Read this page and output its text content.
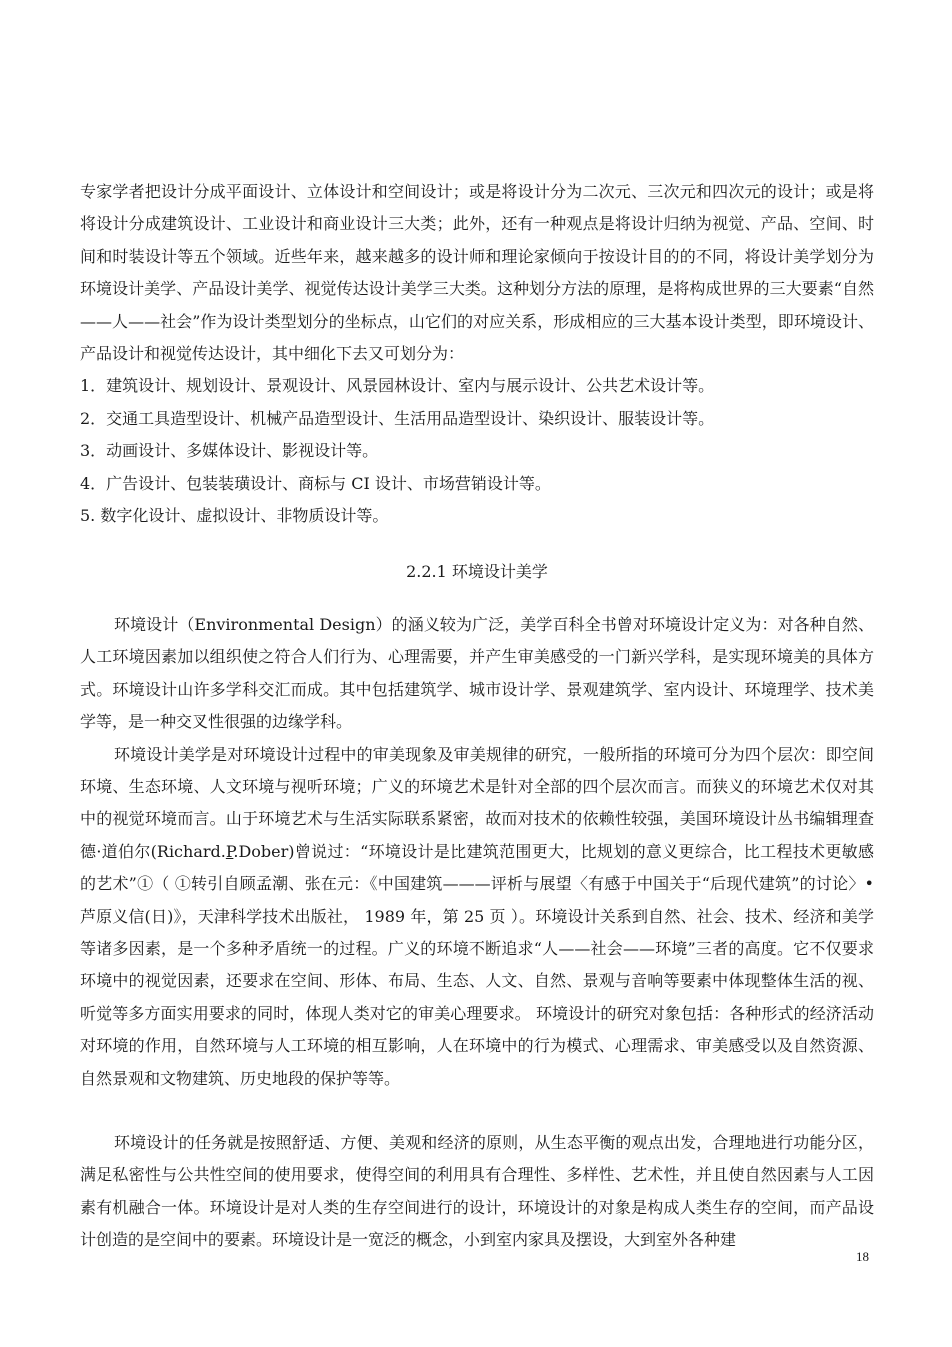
专家学者把设计分成平面设计、立体设计和空间设计；或是将设计分为二次元、三次元和四次元的设计；或是将将设计分成建筑设计、工业设计和商业设计三大类；此外，还有一种观点是将设计归纳为视觉、产品、空间、时间和时装设计等五个领域。近些年来，越来越多的设计师和理论家倾向于按设计目的的不同，将设计美学划分为环境设计美学、产品设计美学、视觉传达设计美学三大类。这种划分方法的原理，是将构成世界的三大要素“自然——人——社会”作为设计类型划分的坐标点，山它们的对应关系，形成相应的三大基本设计类型，即环境设计、产品设计和视觉传达设计，其中细化下去又可划分为：

1．建筑设计、规划设计、景观设计、风景园林设计、室内与展示设计、公共艺术设计等。

2．交通工具造型设计、机械产品造型设计、生活用品造型设计、染织设计、服装设计等。

3．动画设计、多媒体设计、影视设计等。

4．广告设计、包装装璜设计、商标与 CI 设计、市场营销设计等。

5. 数字化设计、虚拟设计、非物质设计等。

2.2.1 环境设计美学

环境设计（Environmental Design）的涵义较为广泛，美学百科全书曾对环境设计定义为：对各种自然、人工环境因素加以组织使之符合人们行为、心理需要，并产生审美感受的一门新兴学科，是实现环境美的具体方式。环境设计山许多学科交汇而成。其中包括建筑学、城市设计学、景观建筑学、室内设计、环境理学、技术美学等，是一种交叉性很强的边缘学科。

环境设计美学是对环境设计过程中的审美现象及审美规律的研究，一般所指的环境可分为四个层次：即空间环境、生态环境、人文环境与视听环境；广义的环境艺术是针对全部的四个层次而言。而狭义的环境艺术仅对其中的视觉环境而言。山于环境艺术与生活实际联系紧密，故而对技术的依赖性较强，美国环境设计丛书编辑理查德·道伯尔(Richard.P.Dober)曾说过：“环境设计是比建筑范围更大，比规划的意义更综合，比工程技术更敏感的艺术”①（ ①转引自顾孟潮、张在元：《中国建筑———评析与展望〈有感于中国关于“后现代建筑”的讨论〉•芦原义信(日)》，天津科学技术出版社， 1989 年，第 25 页 ）。环境设计关系到自然、社会、技术、经济和美学等诸多因素，是一个多种矛盾统一的过程。广义的环境不断追求“人——社会——环境”三者的高度。它不仅要求环境中的视觉因素，还要求在空间、形体、布局、生态、人文、自然、景观与音响等要素中体现整体生活的视、听觉等多方面实用要求的同时，体现人类对它的审美心理要求。 环境设计的研究对象包括：各种形式的经济活动对环境的作用，自然环境与人工环境的相互影响，人在环境中的行为模式、心理需求、审美感受以及自然资源、自然景观和文物建筑、历史地段的保护等等。

环境设计的任务就是按照舒适、方便、美观和经济的原则，从生态平衡的观点出发，合理地进行功能分区，满足私密性与公共性空间的使用要求，使得空间的利用具有合理性、多样性、艺术性，并且使自然因素与人工因素有机融合一体。环境设计是对人类的生存空间进行的设计，环境设计的对象是构成人类生存的空间，而产品设计创造的是空间中的要素。环境设计是一宽泛的概念，小到室内家具及摆设，大到室外各种建

18
